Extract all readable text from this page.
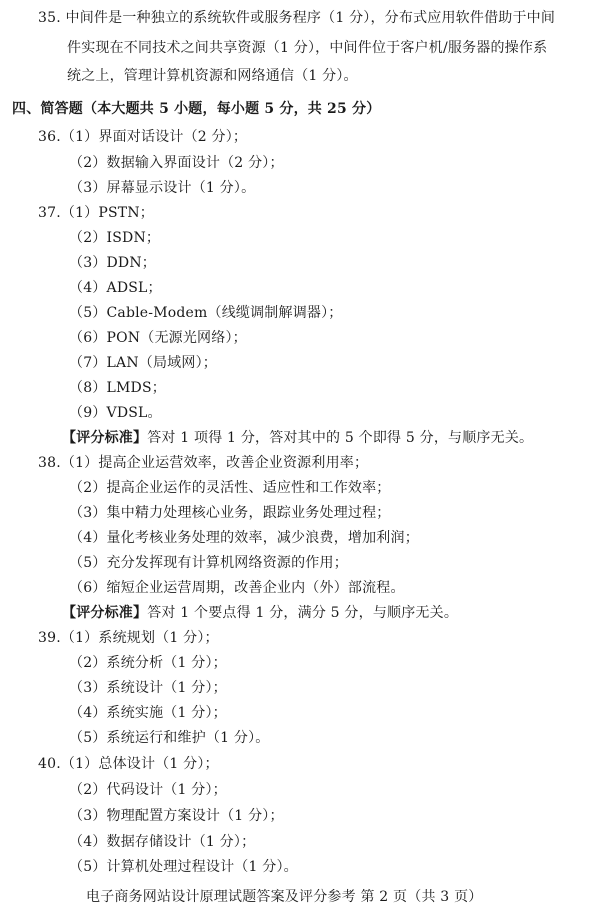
35. 中间件是一种独立的系统软件或服务程序（1 分），分布式应用软件借助于中间
件实现在不同技术之间共享资源（1 分），中间件位于客户机/服务器的操作系
统之上，管理计算机资源和网络通信（1 分）。
四、简答题（本大题共 5 小题，每小题 5 分，共 25 分）
36.（1）界面对话设计（2 分）；
（2）数据输入界面设计（2 分）；
（3）屏幕显示设计（1 分）。
37.（1）PSTN；
（2）ISDN；
（3）DDN；
（4）ADSL；
（5）Cable-Modem（线缆调制解调器）；
（6）PON（无源光网络）；
（7）LAN（局域网）；
（8）LMDS；
（9）VDSL。
【评分标准】答对 1 项得 1 分，答对其中的 5 个即得 5 分，与顺序无关。
38.（1）提高企业运营效率，改善企业资源利用率；
（2）提高企业运作的灵活性、适应性和工作效率；
（3）集中精力处理核心业务，跟踪业务处理过程；
（4）量化考核业务处理的效率，减少浪费，增加利润；
（5）充分发挥现有计算机网络资源的作用；
（6）缩短企业运营周期，改善企业内（外）部流程。
【评分标准】答对 1 个要点得 1 分，满分 5 分，与顺序无关。
39.（1）系统规划（1 分）；
（2）系统分析（1 分）；
（3）系统设计（1 分）；
（4）系统实施（1 分）；
（5）系统运行和维护（1 分）。
40.（1）总体设计（1 分）；
（2）代码设计（1 分）；
（3）物理配置方案设计（1 分）；
（4）数据存储设计（1 分）；
（5）计算机处理过程设计（1 分）。
电子商务网站设计原理试题答案及评分参考 第 2 页（共 3 页）
